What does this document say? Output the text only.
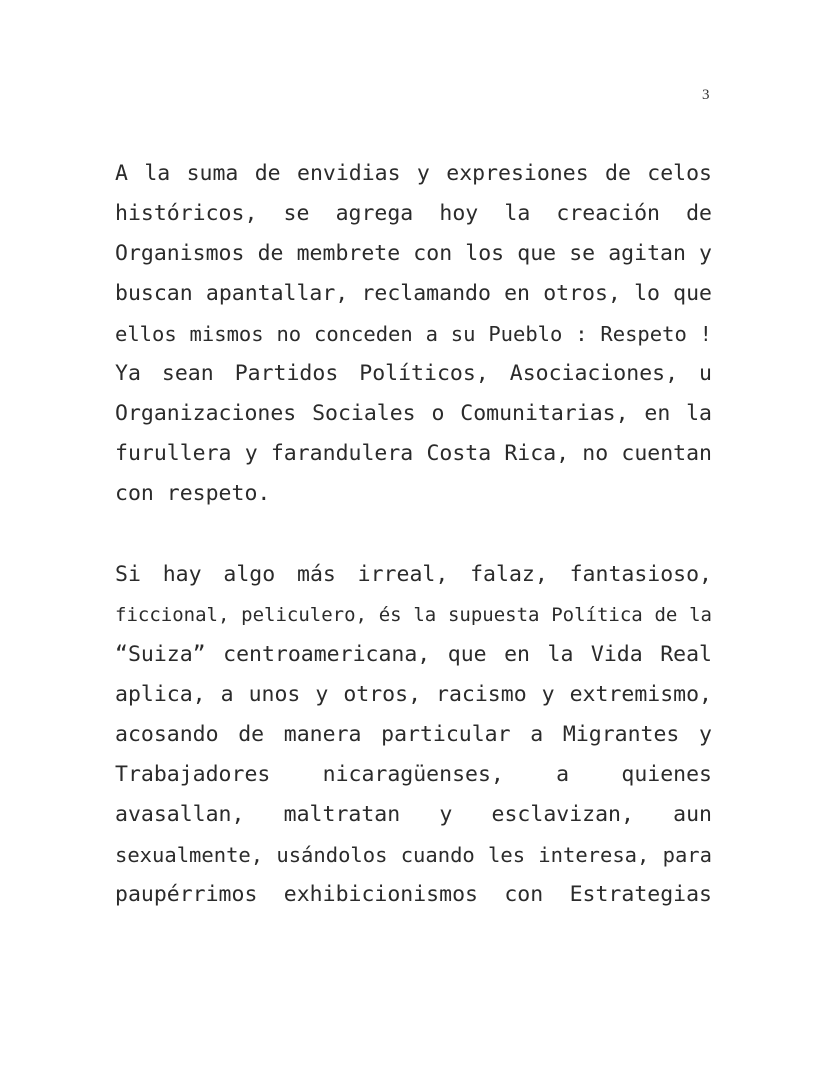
3
A la suma de envidias y expresiones de celos
históricos, se agrega hoy la creación de
Organismos de membrete con los que se agitan y
buscan apantallar, reclamando en otros, lo que
ellos mismos no conceden a su Pueblo : Respeto !
Ya sean Partidos Políticos, Asociaciones, u
Organizaciones Sociales o Comunitarias, en la
furullera y farandulera Costa Rica, no cuentan
con respeto.
Si hay algo más irreal, falaz, fantasioso,
ficcional, peliculero, és la supuesta Política de la
“Suiza” centroamericana, que en la Vida Real
aplica, a unos y otros, racismo y extremismo,
acosando de manera particular a Migrantes y
Trabajadores nicaragüenses, a quienes
avasallan, maltratan y esclavizan, aun
sexualmente, usándolos cuando les interesa, para
paupérrimos exhibicionismos con Estrategias
